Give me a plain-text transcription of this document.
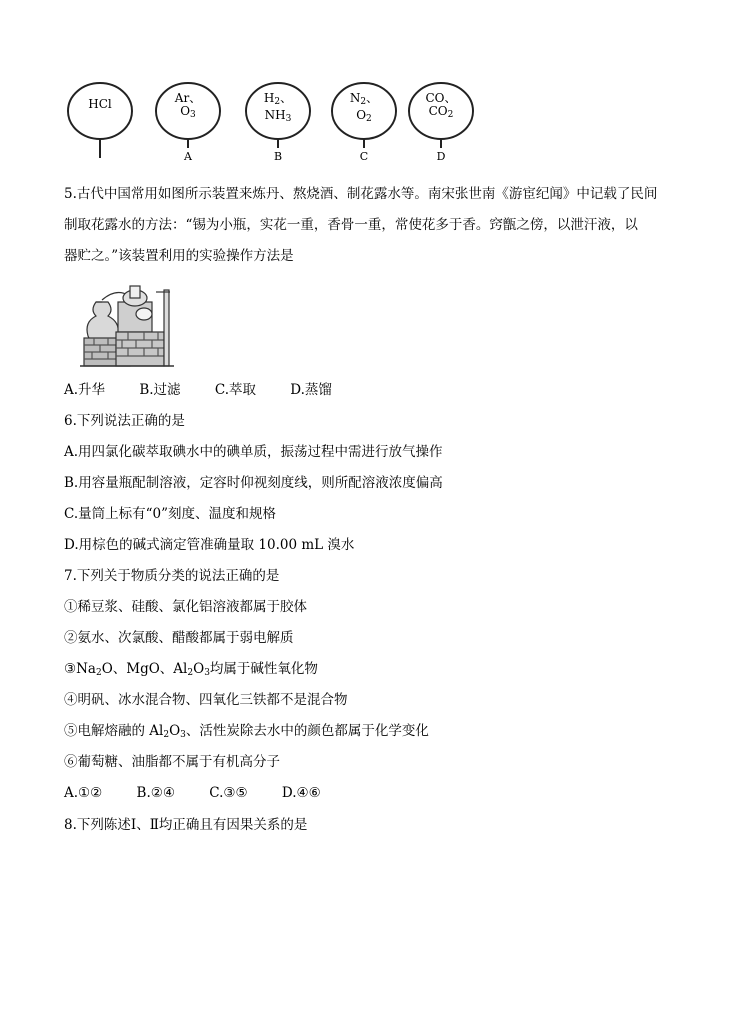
HCl	Ar、
$O_3$
$H_2$、
$NH_3$
$N_2$、
$O_2$
CO、
$CO_2$
A	B	C	D
5.古代中国常用如图所示装置来炼丹、熬烧酒、制花露水等。南宋张世南《游宦纪闻》中记载了民间
制取花露水的方法：“锡为小瓶，实花一重，香骨一重，常使花多于香。窍甑之傍，以泄汗液，以
器贮之。”该装置利用的实验操作方法是
A.升华	B.过滤	C.萃取	D.蒸馏
6.下列说法正确的是
A.用四氯化碳萃取碘水中的碘单质，振荡过程中需进行放气操作
B.用容量瓶配制溶液，定容时仰视刻度线，则所配溶液浓度偏高
C.量筒上标有“0”刻度、温度和规格
D.用棕色的碱式滴定管准确量取 10.00 mL 溴水
7.下列关于物质分类的说法正确的是
①稀豆浆、硅酸、氯化铝溶液都属于胶体
②氨水、次氯酸、醋酸都属于弱电解质
$③Na_2O$、MgO、$Al_2O_3$均属于碱性氧化物
④明矾、冰水混合物、四氧化三铁都不是混合物
⑤电解熔融的 $Al_2O_3$、活性炭除去水中的颜色都属于化学变化
⑥葡萄糖、油脂都不属于有机高分子
A.①②	B.②④	C.③⑤	D.④⑥
8.下列陈述Ⅰ、Ⅱ均正确且有因果关系的是
